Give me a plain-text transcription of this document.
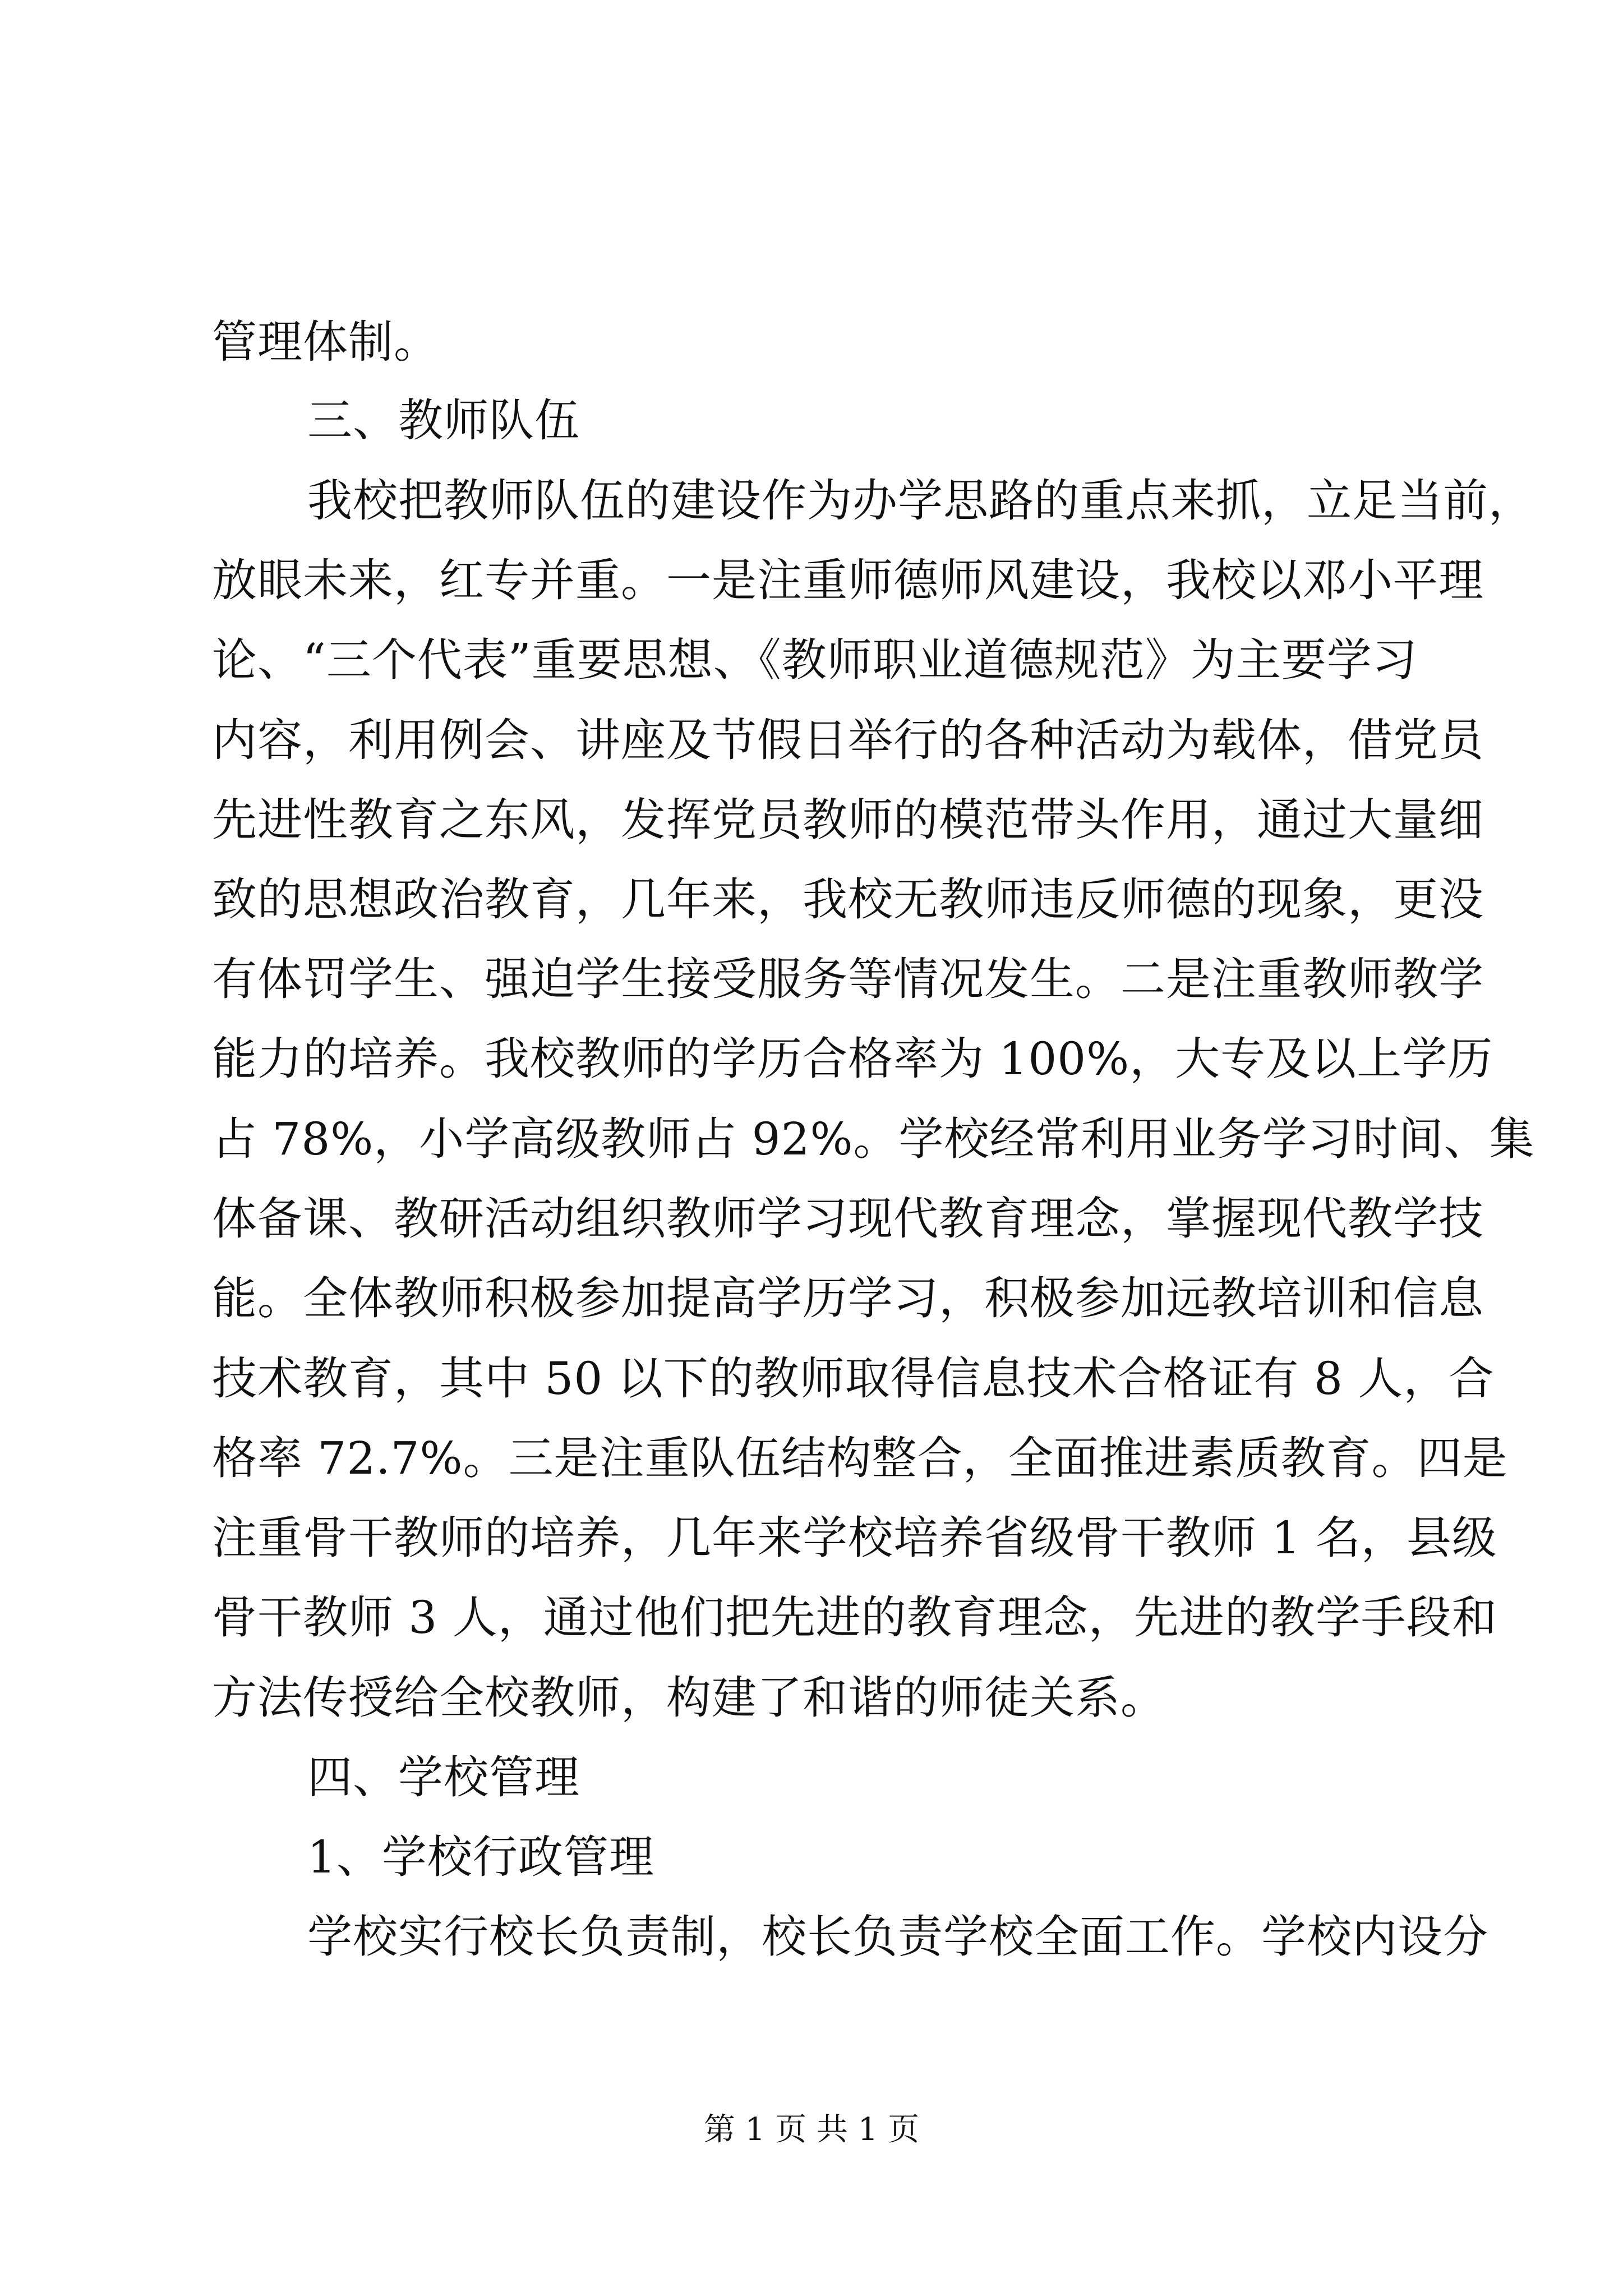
管理体制。
三、教师队伍
我校把教师队伍的建设作为办学思路的重点来抓，立足当前，
放眼未来，红专并重。一是注重师德师风建设，我校以邓小平理
论、“三个代表”重要思想、《教师职业道德规范》为主要学习
内容，利用例会、讲座及节假日举行的各种活动为载体，借党员
先进性教育之东风，发挥党员教师的模范带头作用，通过大量细
致的思想政治教育，几年来，我校无教师违反师德的现象，更没
有体罚学生、强迫学生接受服务等情况发生。二是注重教师教学
能力的培养。我校教师的学历合格率为 100%，大专及以上学历
占 78%，小学高级教师占 92%。学校经常利用业务学习时间、集
体备课、教研活动组织教师学习现代教育理念，掌握现代教学技
能。全体教师积极参加提高学历学习，积极参加远教培训和信息
技术教育，其中 50 以下的教师取得信息技术合格证有 8 人，合
格率 72.7%。三是注重队伍结构整合，全面推进素质教育。四是
注重骨干教师的培养，几年来学校培养省级骨干教师 1 名，县级
骨干教师 3 人，通过他们把先进的教育理念，先进的教学手段和
方法传授给全校教师，构建了和谐的师徒关系。
四、学校管理
1、学校行政管理
学校实行校长负责制，校长负责学校全面工作。学校内设分
第 1 页 共 1 页
